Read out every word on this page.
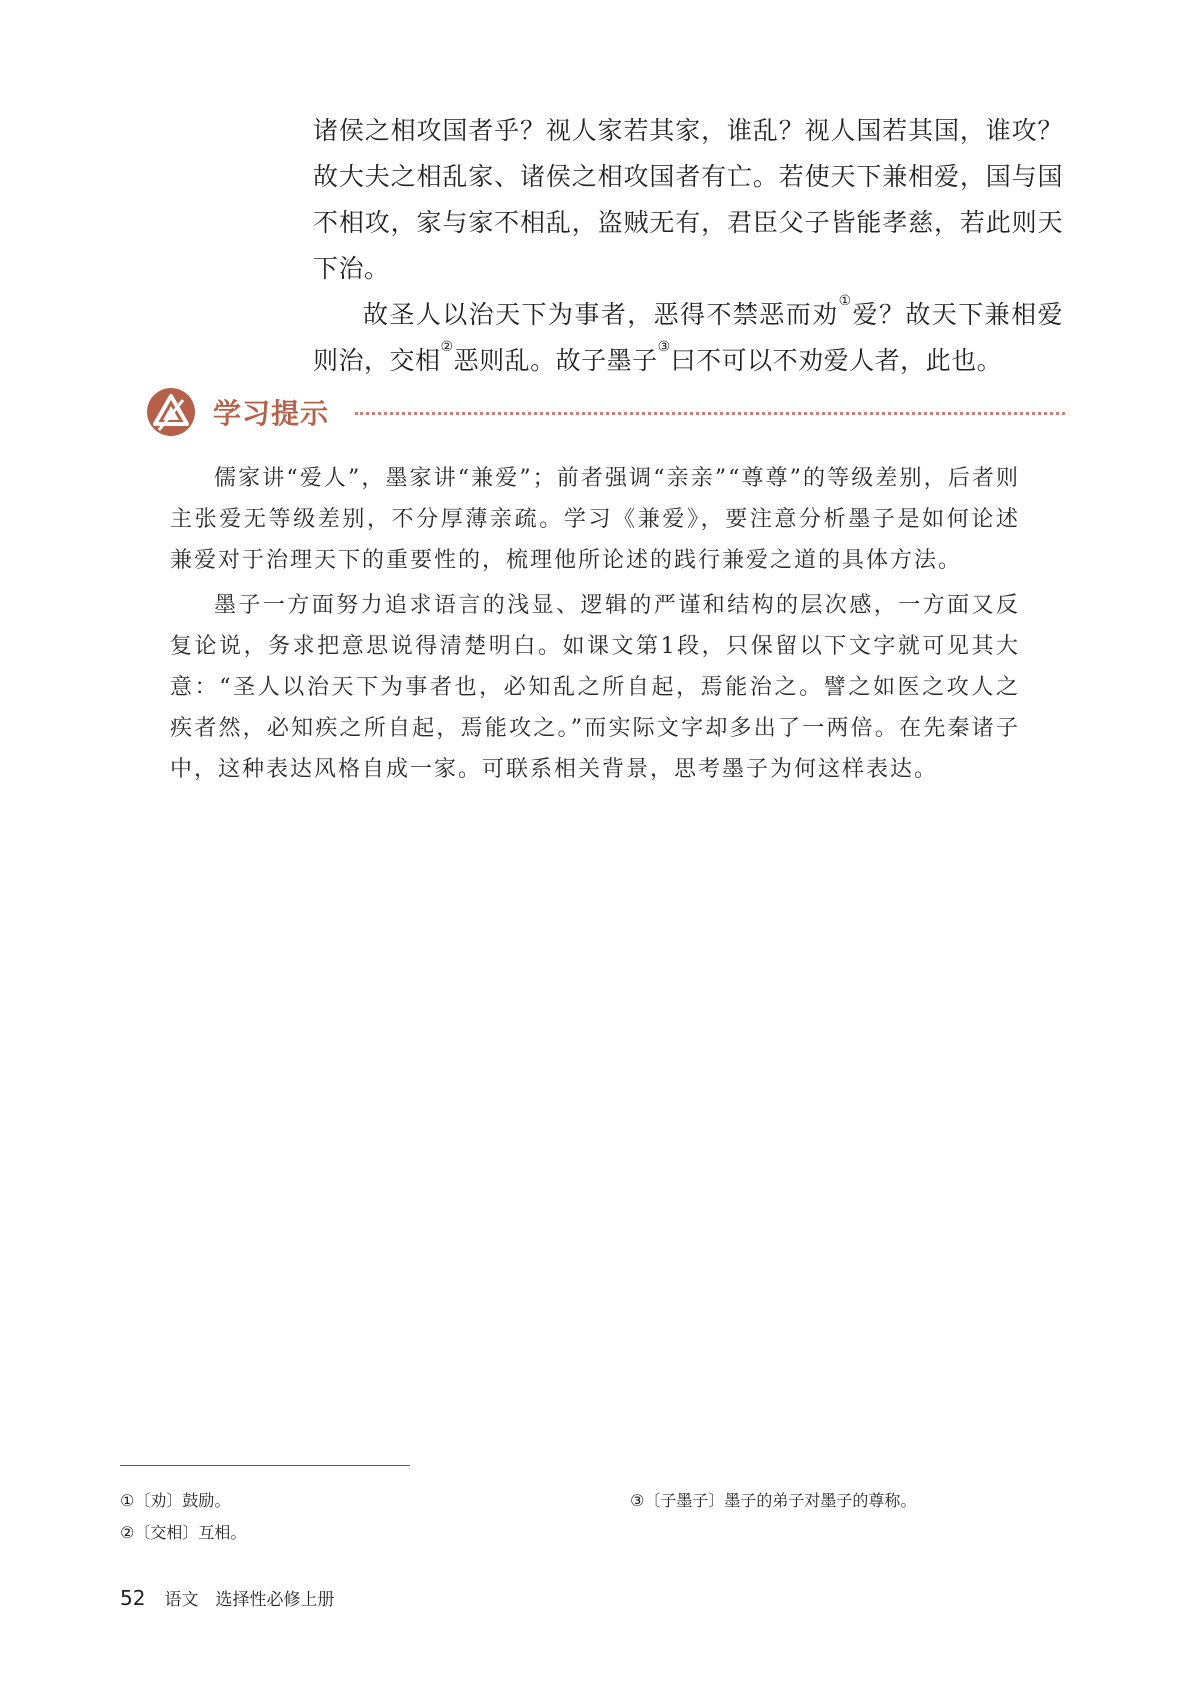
诸侯之相攻国者乎？视人家若其家，谁乱？视人国若其国，谁攻？故大夫之相乱家、诸侯之相攻国者有亡。若使天下兼相爱，国与国不相攻，家与家不相乱，盗贼无有，君臣父子皆能孝慈，若此则天下治。

故圣人以治天下为事者，恶得不禁恶而劝①爱？故天下兼相爱则治，交相②恶则乱。故子墨子③曰不可以不劝爱人者，此也。

学习提示

儒家讲“爱人”，墨家讲“兼爱”；前者强调“亲亲”“尊尊”的等级差别，后者则主张爱无等级差别，不分厚薄亲疏。学习《兼爱》，要注意分析墨子是如何论述兼爱对于治理天下的重要性的，梳理他所论述的践行兼爱之道的具体方法。

墨子一方面努力追求语言的浅显、逻辑的严谨和结构的层次感，一方面又反复论说，务求把意思说得清楚明白。如课文第1段，只保留以下文字就可见其大意：“圣人以治天下为事者也，必知乱之所自起，焉能治之。譬之如医之攻人之疾者然，必知疾之所自起，焉能攻之。”而实际文字却多出了一两倍。在先秦诸子中，这种表达风格自成一家。可联系相关背景，思考墨子为何这样表达。

①〔劝〕鼓励。
②〔交相〕互相。
③〔子墨子〕墨子的弟子对墨子的尊称。
52 语文　选择性必修上册
